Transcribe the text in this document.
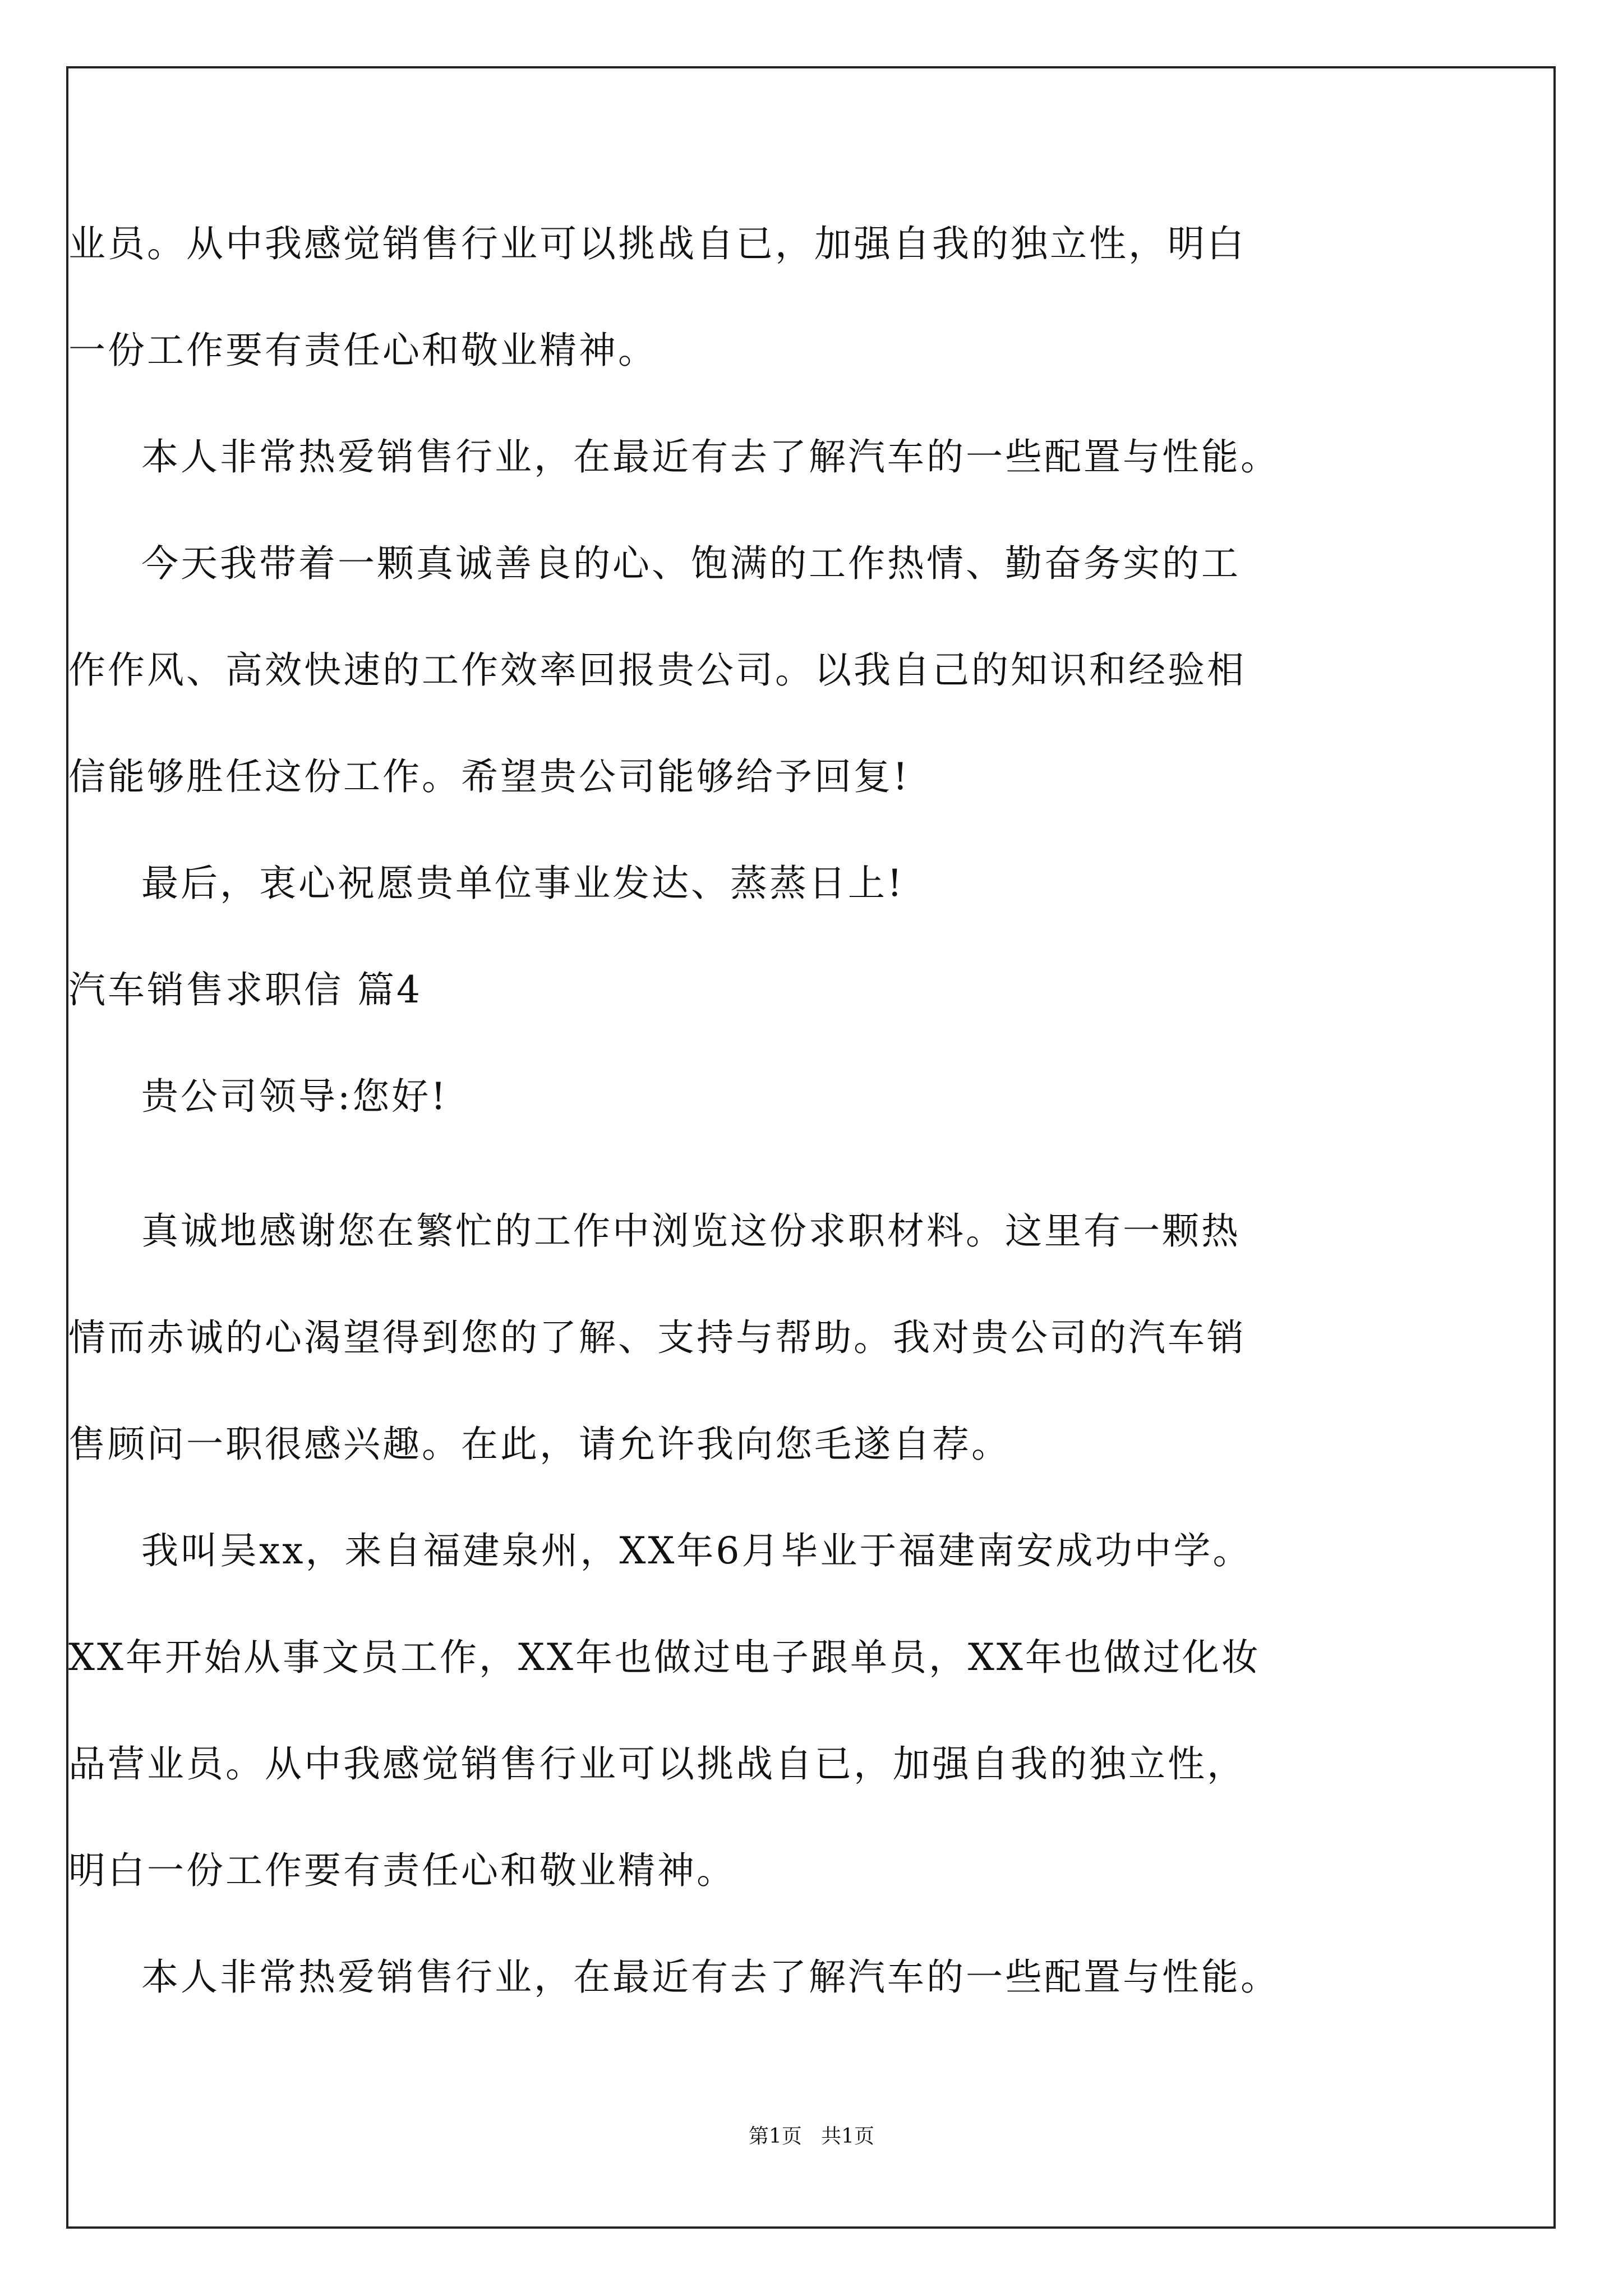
业员。从中我感觉销售行业可以挑战自已，加强自我的独立性，明白

一份工作要有责任心和敬业精神。

本人非常热爱销售行业，在最近有去了解汽车的一些配置与性能。

今天我带着一颗真诚善良的心、饱满的工作热情、勤奋务实的工

作作风、高效快速的工作效率回报贵公司。以我自己的知识和经验相

信能够胜任这份工作。希望贵公司能够给予回复!

最后，衷心祝愿贵单位事业发达、蒸蒸日上!

汽车销售求职信 篇4

贵公司领导:您好!

真诚地感谢您在繁忙的工作中浏览这份求职材料。这里有一颗热

情而赤诚的心渴望得到您的了解、支持与帮助。我对贵公司的汽车销

售顾问一职很感兴趣。在此，请允许我向您毛遂自荐。

我叫吴xx，来自福建泉州，XX年6月毕业于福建南安成功中学。

XX年开始从事文员工作，XX年也做过电子跟单员，XX年也做过化妆

品营业员。从中我感觉销售行业可以挑战自已，加强自我的独立性，

明白一份工作要有责任心和敬业精神。

本人非常热爱销售行业，在最近有去了解汽车的一些配置与性能。

第1页   共1页
